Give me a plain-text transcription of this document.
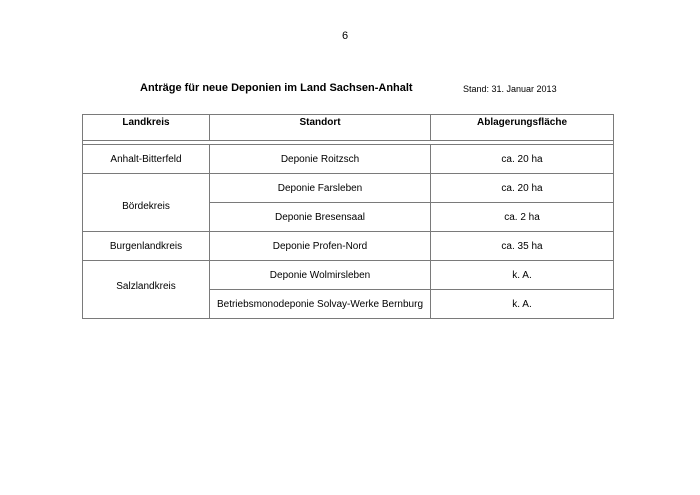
6
Anträge für neue Deponien im Land Sachsen-Anhalt	Stand: 31. Januar 2013
Landkreis	Standort	Ablagerungsfläche

Anhalt-Bitterfeld	Deponie Roitzsch	ca. 20 ha
Bördekreis	Deponie Farsleben	ca. 20 ha
	Deponie Bresensaal	ca. 2 ha
Burgenlandkreis	Deponie Profen-Nord	ca. 35 ha
Salzlandkreis	Deponie Wolmirsleben	k. A.
	Betriebsmonodeponie Solvay-Werke Bernburg	k. A.
